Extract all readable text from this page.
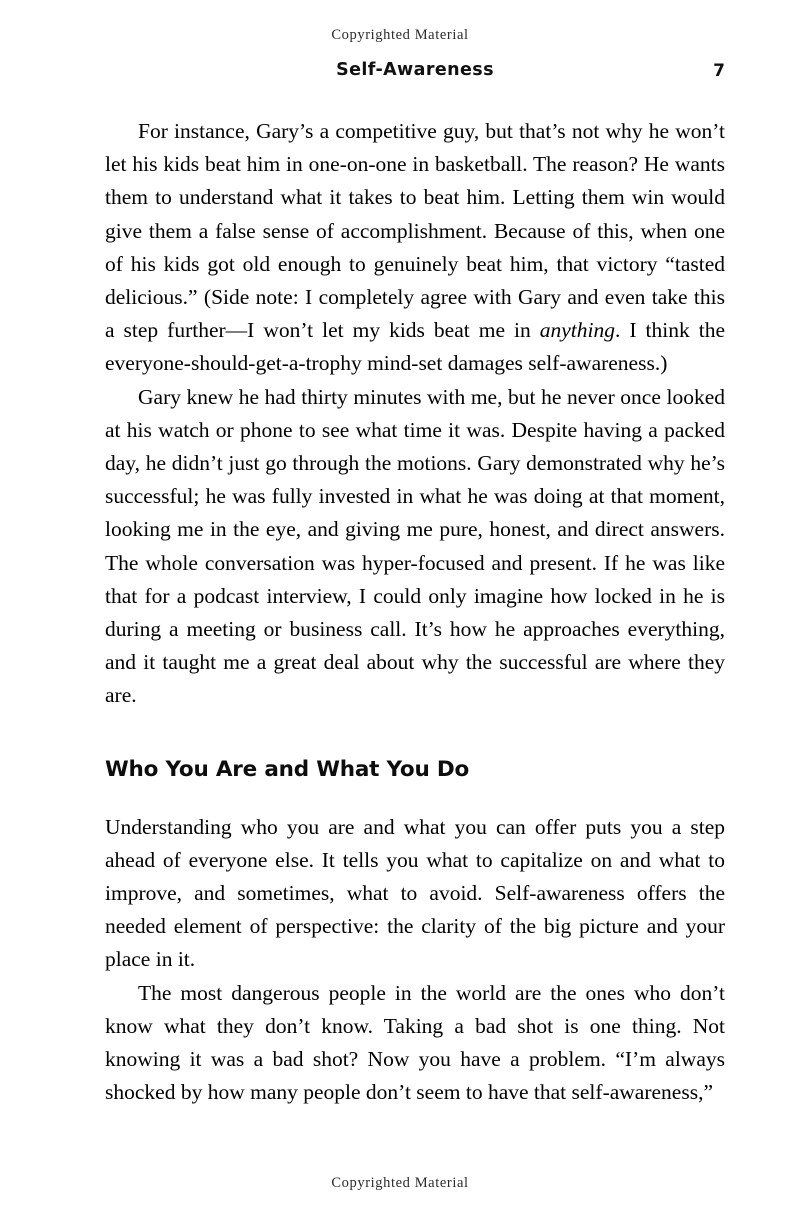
Copyrighted Material
Self-Awareness	7

For instance, Gary’s a competitive guy, but that’s not why he won’t let his kids beat him in one-on-one in basketball. The reason? He wants them to understand what it takes to beat him. Letting them win would give them a false sense of accomplishment. Because of this, when one of his kids got old enough to genuinely beat him, that victory “tasted delicious.” (Side note: I completely agree with Gary and even take this a step further—I won’t let my kids beat me in anything. I think the everyone-should-get-a-trophy mind-set damages self-awareness.)

Gary knew he had thirty minutes with me, but he never once looked at his watch or phone to see what time it was. Despite having a packed day, he didn’t just go through the motions. Gary demonstrated why he’s successful; he was fully invested in what he was doing at that moment, looking me in the eye, and giving me pure, honest, and direct answers. The whole conversation was hyper-focused and present. If he was like that for a podcast interview, I could only imagine how locked in he is during a meeting or business call. It’s how he approaches everything, and it taught me a great deal about why the successful are where they are.

Who You Are and What You Do

Understanding who you are and what you can offer puts you a step ahead of everyone else. It tells you what to capitalize on and what to improve, and sometimes, what to avoid. Self-awareness offers the needed element of perspective: the clarity of the big picture and your place in it.

The most dangerous people in the world are the ones who don’t know what they don’t know. Taking a bad shot is one thing. Not knowing it was a bad shot? Now you have a problem. “I’m always shocked by how many people don’t seem to have that self-awareness,”

Copyrighted Material
